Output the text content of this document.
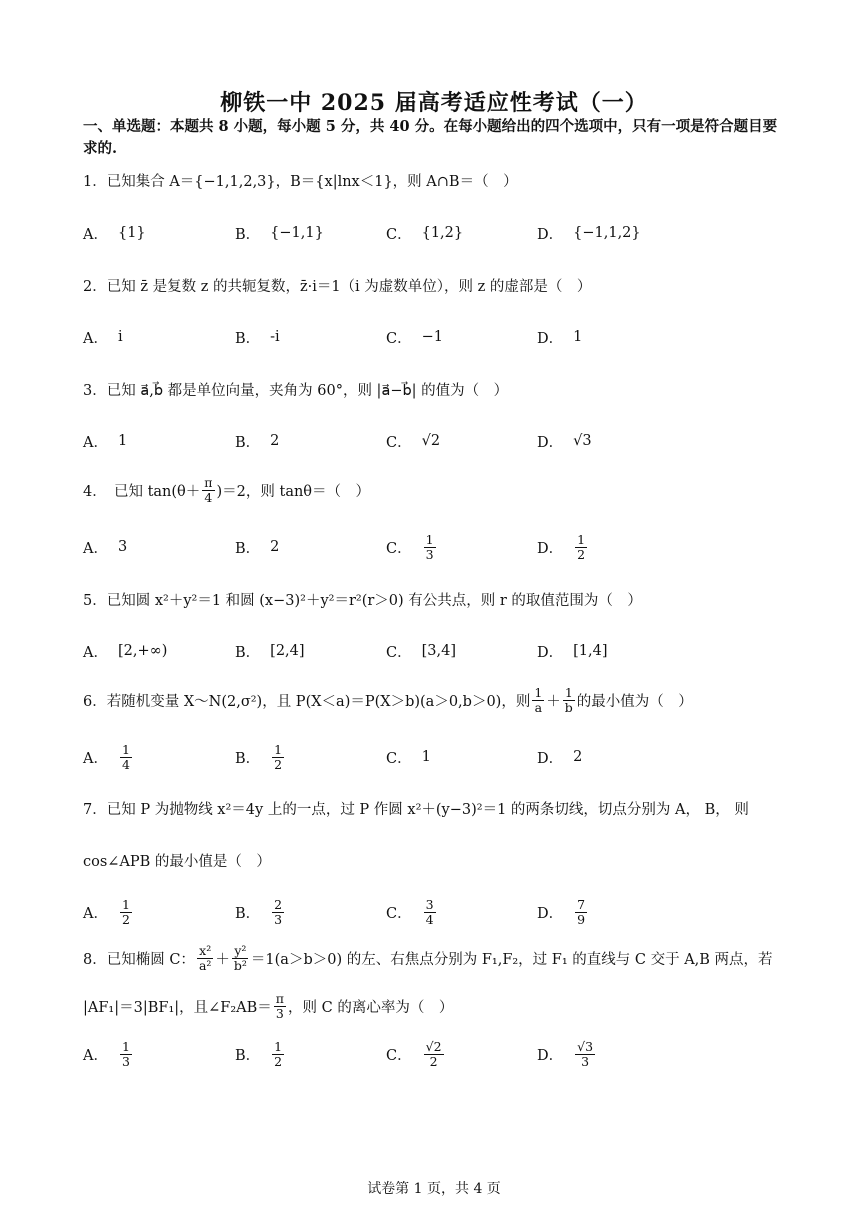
柳铁一中 2025 届高考适应性考试（一）
一、单选题：本题共 8 小题，每小题 5 分，共 40 分。在每小题给出的四个选项中，只有一项是符合题目要求的.
1．已知集合 A＝{−1,1,2,3}，B＝{x|lnx＜1}，则 A∩B＝（　）
A． {1}	B． {−1,1}	C． {1,2}	D． {−1,1,2}
2．已知 z̄ 是复数 z 的共轭复数，z̄·i＝1（i 为虚数单位），则 z 的虚部是（　）
A． i	B． -i	C． −1	D． 1
3．已知 a⃗,b⃗ 都是单位向量，夹角为 60°，则 |a⃗−b⃗| 的值为（　）
A． 1	B． 2	C． √2	D． √3
4．　已知 $\tan(\theta+ \frac{\pi}{4} )=2$，则 tanθ＝（　）
A． 3	B． 2	C． $\frac{1}{3}$	D． $\frac{1}{2}$
5．已知圆 x²＋y²＝1 和圆 (x−3)²＋y²＝r²(r＞0) 有公共点，则 r 的取值范围为（　）
A． [2,+∞)	B． [2,4]	C． [3,4]	D． [1,4]
6．若随机变量 X～N(2,σ²)，且 P(X＜a)＝P(X＞b)(a＞0,b＞0)，则 $\frac{1}{a} + \frac{1}{b}$ 的最小值为（　）
A． $\frac{1}{4}$	B． $\frac{1}{2}$	C． 1	D． 2
7．已知 P 为抛物线 x²＝4y 上的一点，过 P 作圆 x²＋(y−3)²＝1 的两条切线，切点分别为 A， B， 则
cos∠APB 的最小值是（　）
A． $\frac{1}{2}$	B． $\frac{2}{3}$	C． $\frac{3}{4}$	D． $\frac{7}{9}$
8．已知椭圆 C： $\frac{\text{x²}}{\text{a²}} + \frac{\text{y²}}{\text{b²}} =1(a>b>0)$ 的左、右焦点分别为 F₁,F₂，过 F₁ 的直线与 C 交于 A,B 两点，若
|AF₁|＝3|BF₁|，且∠F₂AB＝ $\frac{\pi}{3}$ ，则 C 的离心率为（　）
A． $\frac{1}{3}$	B． $\frac{1}{2}$	C． $\frac{√2}{2}$	D． $\frac{√3}{3}$
试卷第 1 页，共 4 页
